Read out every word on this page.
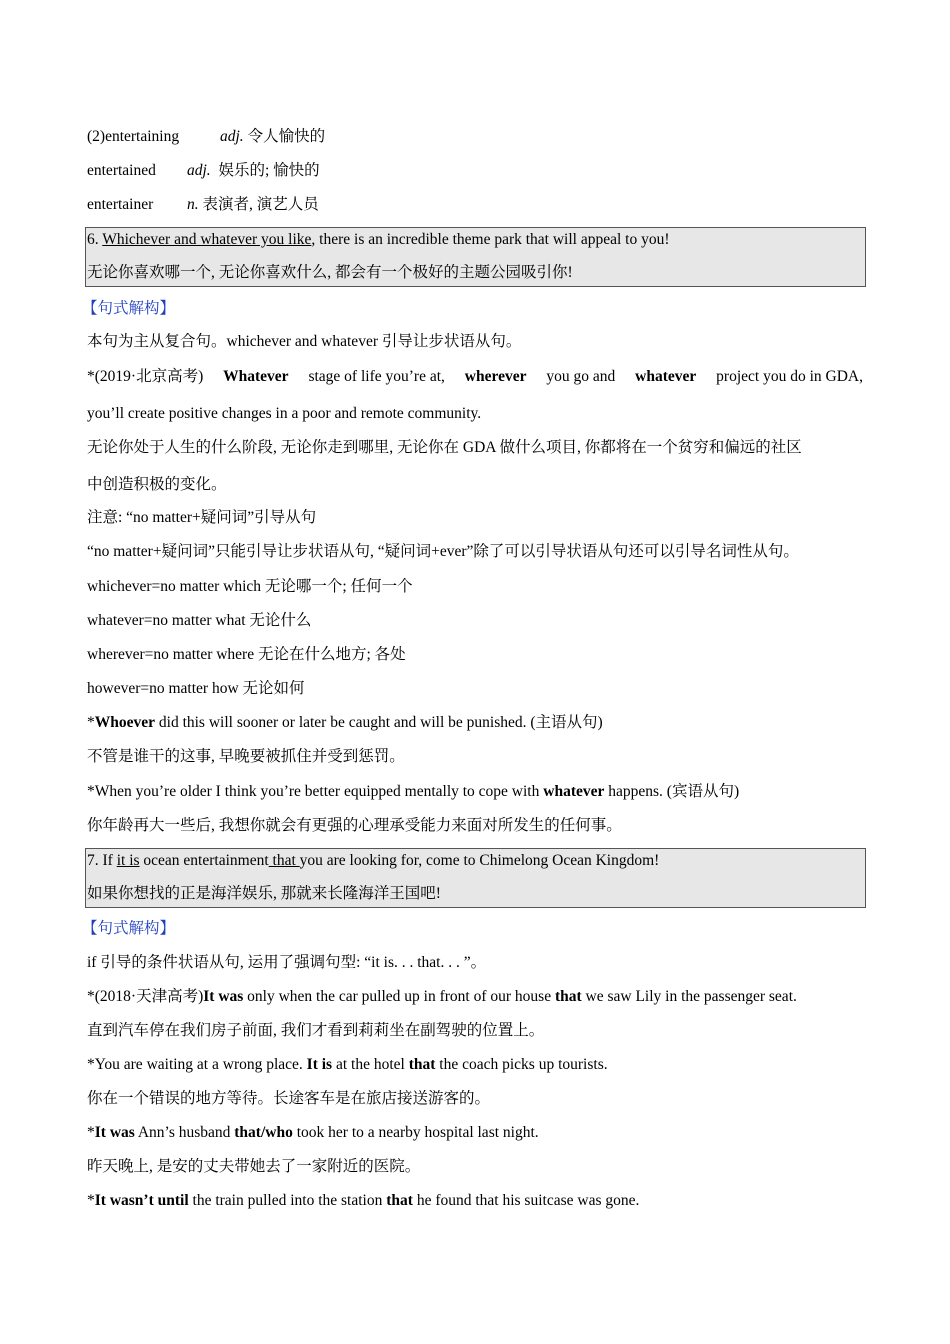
(2)entertaining	adj. 令人愉快的
entertained adj. 娱乐的; 愉快的
entertainer n. 表演者, 演艺人员
6. Whichever and whatever you like, there is an incredible theme park that will appeal to you!
无论你喜欢哪一个, 无论你喜欢什么, 都会有一个极好的主题公园吸引你!
【句式解构】
本句为主从复合句。whichever and whatever 引导让步状语从句。
*(2019·北京高考) Whatever stage of life you’re at, wherever you go and whatever project you do in GDA,
you’ll create positive changes in a poor and remote community.
无论你处于人生的什么阶段, 无论你走到哪里, 无论你在 GDA 做什么项目, 你都将在一个贫穷和偏远的社区
中创造积极的变化。
注意: “no matter+疑问词”引导从句
“no matter+疑问词”只能引导让步状语从句, “疑问词+ever”除了可以引导状语从句还可以引导名词性从句。
whichever=no matter which 无论哪一个; 任何一个
whatever=no matter what 无论什么
wherever=no matter where 无论在什么地方; 各处
however=no matter how 无论如何
*Whoever did this will sooner or later be caught and will be punished. (主语从句)
不管是谁干的这事, 早晚要被抓住并受到惩罚。
*When you’re older I think you’re better equipped mentally to cope with whatever happens. (宾语从句)
你年龄再大一些后, 我想你就会有更强的心理承受能力来面对所发生的任何事。
7. If it is ocean entertainment that you are looking for, come to Chimelong Ocean Kingdom!
如果你想找的正是海洋娱乐, 那就来长隆海洋王国吧!
【句式解构】
if 引导的条件状语从句, 运用了强调句型: “it is. . . that. . . ”。
*(2018·天津高考)It was only when the car pulled up in front of our house that we saw Lily in the passenger seat.
直到汽车停在我们房子前面, 我们才看到莉莉坐在副驾驶的位置上。
*You are waiting at a wrong place. It is at the hotel that the coach picks up tourists.
你在一个错误的地方等待。长途客车是在旅店接送游客的。
*It was Ann’s husband that/who took her to a nearby hospital last night.
昨天晚上, 是安的丈夫带她去了一家附近的医院。
*It wasn’t until the train pulled into the station that he found that his suitcase was gone.
